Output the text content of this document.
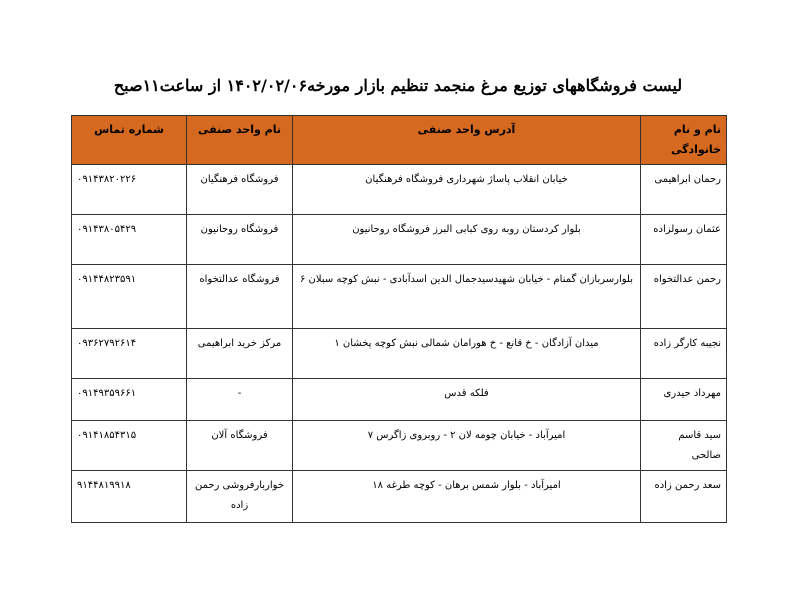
لیست فروشگاههای توزیع مرغ منجمد تنظیم بازار مورخه۱۴۰۲/۰۲/۰۶ از ساعت۱۱صبح
نام و نام خانوادگی	آدرس واحد صنفی	نام واحد صنفی	شماره تماس
رحمان ابراهیمی	خیابان انقلاب پاساژ شهرداری فروشگاه فرهنگیان	فروشگاه فرهنگیان	۰۹۱۴۳۸۲۰۲۲۶
عثمان رسولزاده	بلوار کردستان روبه روی کبابی البرز فروشگاه روحانیون	فروشگاه روحانیون	۰۹۱۴۳۸۰۵۴۲۹
رحمن عدالتخواه	بلوارسربازان گمنام - خیابان شهیدسیدجمال الدین اسدآبادی - نبش کوچه سبلان ۶	فروشگاه عدالتخواه	۰۹۱۴۴۸۲۳۵۹۱
نجیبه کارگر زاده	میدان آزادگان - خ قانع - خ هورامان شمالی نبش کوچه پخشان ۱	مرکز خرید ابراهیمی	۰۹۳۶۲۷۹۲۶۱۴
مهرداد حیدری	فلکه قدس	-	۰۹۱۴۹۳۵۹۶۶۱
سید قاسم صالحی	امیرآباد - خیابان چومه لان ۲ - روبروی زاگرس ۷	فروشگاه آلان	۰۹۱۴۱۸۵۴۳۱۵
سعد رحمن زاده	امیرآباد - بلوار شمس برهان - کوچه طرغه ۱۸	خواربارفروشی رحمن زاده	۹۱۴۴۸۱۹۹۱۸
